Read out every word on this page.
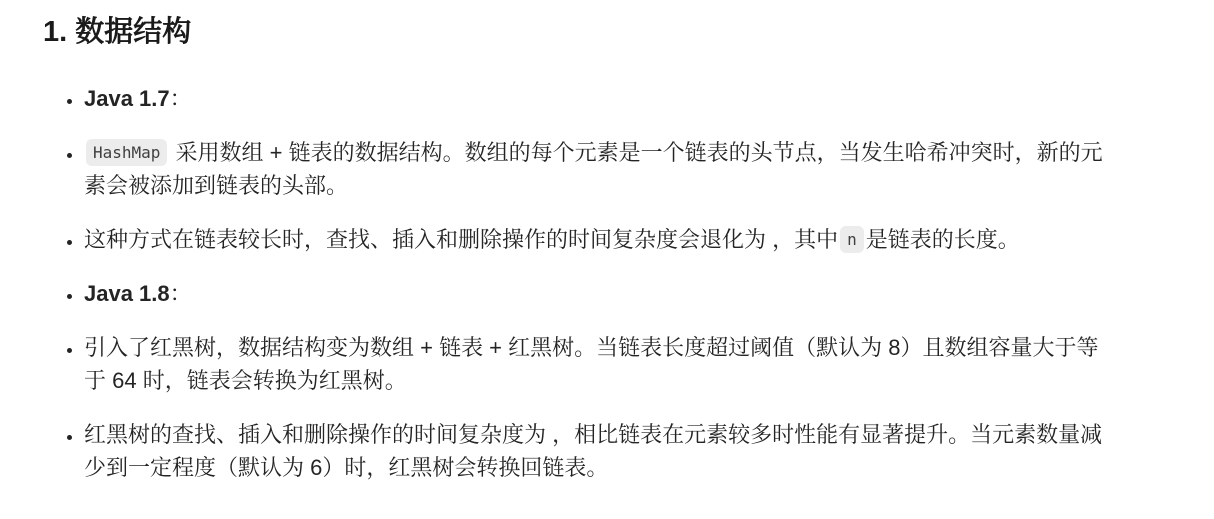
1. 数据结构
• Java 1.7：
• HashMap 采用数组 + 链表的数据结构。数组的每个元素是一个链表的头节点，当发生哈希冲突时，新的元素会被添加到链表的头部。
• 这种方式在链表较长时，查找、插入和删除操作的时间复杂度会退化为 ，其中 n 是链表的长度。
• Java 1.8：
• 引入了红黑树，数据结构变为数组 + 链表 + 红黑树。当链表长度超过阈值（默认为 8）且数组容量大于等于 64 时，链表会转换为红黑树。
• 红黑树的查找、插入和删除操作的时间复杂度为 ，相比链表在元素较多时性能有显著提升。当元素数量减少到一定程度（默认为 6）时，红黑树会转换回链表。
